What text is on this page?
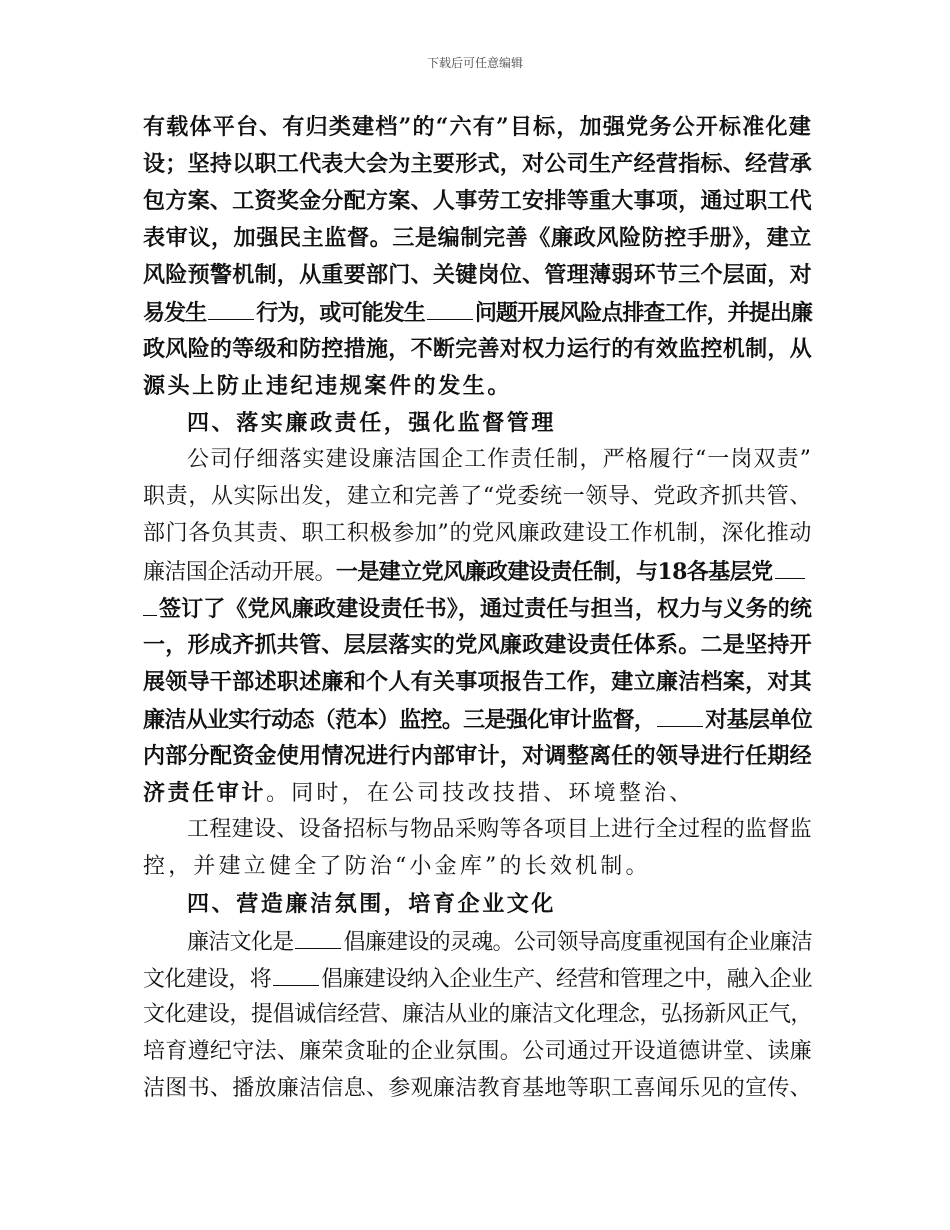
下载后可任意编辑
有载体平台、有归类建档”的“六有”目标，加强党务公开标准化建
设；坚持以职工代表大会为主要形式，对公司生产经营指标、经营承
包方案、工资奖金分配方案、人事劳工安排等重大事项，通过职工代
表审议，加强民主监督。三是编制完善《廉政风险防控手册》，建立
风险预警机制，从重要部门、关键岗位、管理薄弱环节三个层面，对
易发生 行为，或可能发生 问题开展风险点排查工作，并提出廉
政风险的等级和防控措施，不断完善对权力运行的有效监控机制，从
源头上防止违纪违规案件的发生。
四、落实廉政责任，强化监督管理
公司仔细落实建设廉洁国企工作责任制，严格履行“一岗双责”
职责，从实际出发，建立和完善了“党委统一领导、党政齐抓共管、
部门各负其责、职工积极参加”的党风廉政建设工作机制，深化推动
廉洁国企活动开展。一是建立党风廉政建设责任制，与18各基层党
签订了《党风廉政建设责任书》，通过责任与担当，权力与义务的统
一，形成齐抓共管、层层落实的党风廉政建设责任体系。二是坚持开
展领导干部述职述廉和个人有关事项报告工作，建立廉洁档案，对其
廉洁从业实行动态（范本）监控。三是强化审计监督， 对基层单位
内部分配资金使用情况进行内部审计，对调整离任的领导进行任期经
济责任审计。同时，在公司技改技措、环境整治、
工程建设、设备招标与物品采购等各项目上进行全过程的监督监
控，并建立健全了防治“小金库”的长效机制。
四、营造廉洁氛围，培育企业文化
廉洁文化是 倡廉建设的灵魂。公司领导高度重视国有企业廉洁
文化建设，将 倡廉建设纳入企业生产、经营和管理之中，融入企业
文化建设，提倡诚信经营、廉洁从业的廉洁文化理念，弘扬新风正气，
培育遵纪守法、廉荣贪耻的企业氛围。公司通过开设道德讲堂、读廉
洁图书、播放廉洁信息、参观廉洁教育基地等职工喜闻乐见的宣传、
